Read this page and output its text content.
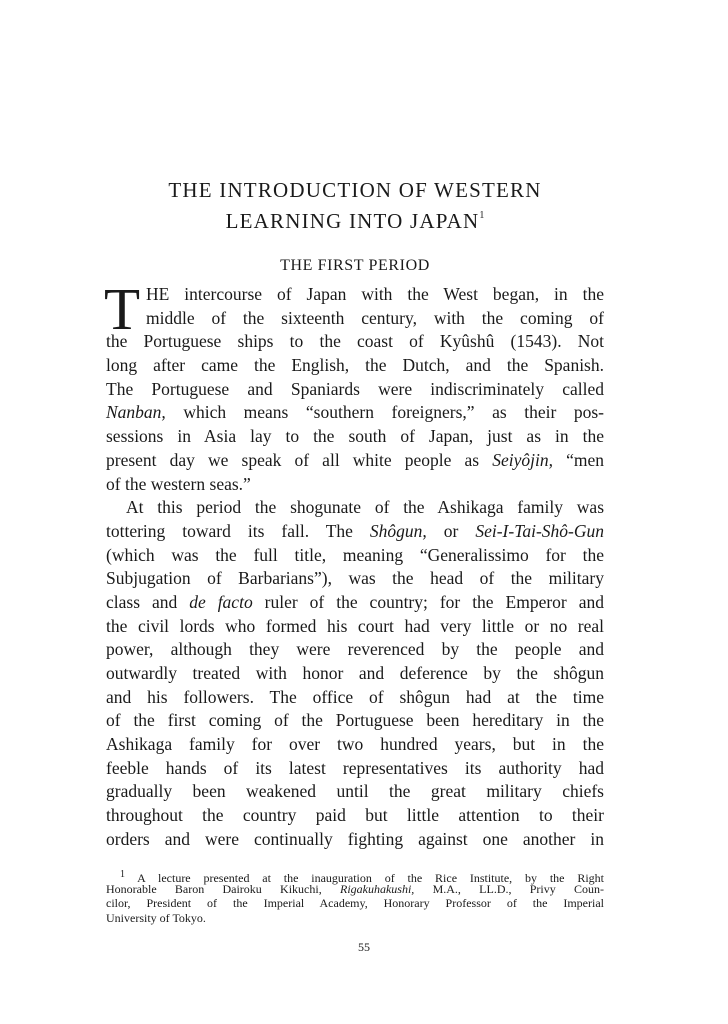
THE INTRODUCTION OF WESTERN
LEARNING INTO JAPAN$^1$
THE FIRST PERIOD
T HE intercourse of Japan with the West began, in the
middle of the sixteenth century, with the coming of
the Portuguese ships to the coast of Kyûshû (1543). Not
long after came the English, the Dutch, and the Spanish.
The Portuguese and Spaniards were indiscriminately called
Nanban, which means “southern foreigners,” as their pos-
sessions in Asia lay to the south of Japan, just as in the
present day we speak of all white people as Seiyôjin, “men
of the western seas.”
At this period the shogunate of the Ashikaga family was
tottering toward its fall. The Shôgun, or Sei-I-Tai-Shô-Gun
(which was the full title, meaning “Generalissimo for the
Subjugation of Barbarians”), was the head of the military
class and de facto ruler of the country; for the Emperor and
the civil lords who formed his court had very little or no real
power, although they were reverenced by the people and
outwardly treated with honor and deference by the shôgun
and his followers. The office of shôgun had at the time
of the first coming of the Portuguese been hereditary in the
Ashikaga family for over two hundred years, but in the
feeble hands of its latest representatives its authority had
gradually been weakened until the great military chiefs
throughout the country paid but little attention to their
orders and were continually fighting against one another in
$^1$ A lecture presented at the inauguration of the Rice Institute, by the Right
Honorable Baron Dairoku Kikuchi, Rigakuhakushi, M.A., LL.D., Privy Coun-
cilor, President of the Imperial Academy, Honorary Professor of the Imperial
University of Tokyo.
55
